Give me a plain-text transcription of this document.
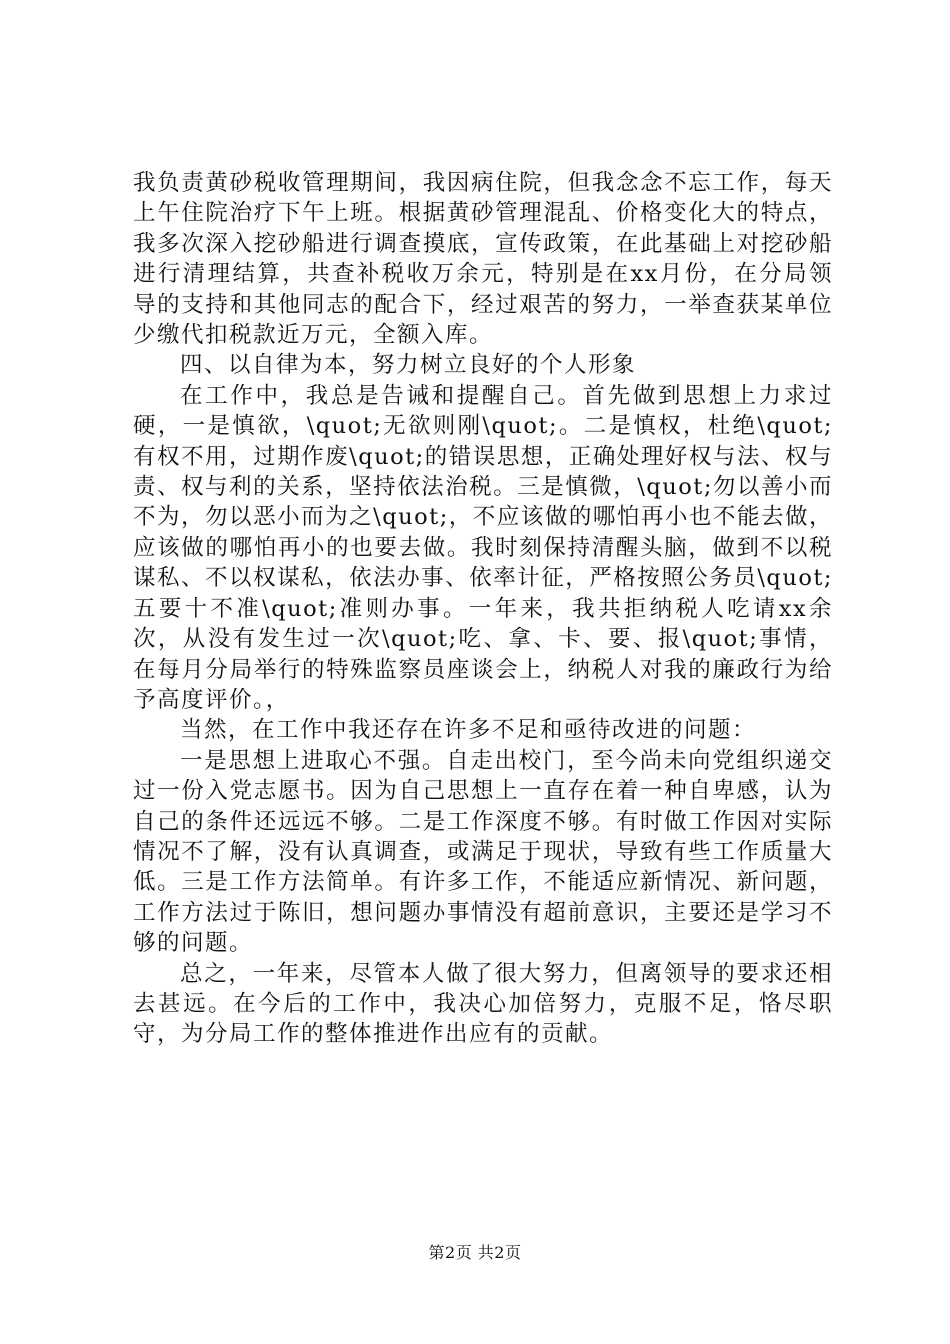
我负责黄砂税收管理期间，我因病住院，但我念念不忘工作，每天上午住院治疗下午上班。根据黄砂管理混乱、价格变化大的特点，我多次深入挖砂船进行调查摸底，宣传政策，在此基础上对挖砂船进行清理结算，共查补税收万余元，特别是在xx月份，在分局领导的支持和其他同志的配合下，经过艰苦的努力，一举查获某单位少缴代扣税款近万元，全额入库。

四、以自律为本，努力树立良好的个人形象

在工作中，我总是告诫和提醒自己。首先做到思想上力求过硬，一是慎欲，\quot;无欲则刚\quot;。二是慎权，杜绝\quot;有权不用，过期作废\quot;的错误思想，正确处理好权与法、权与责、权与利的关系，坚持依法治税。三是慎微，\quot;勿以善小而不为，勿以恶小而为之\quot;，不应该做的哪怕再小也不能去做，应该做的哪怕再小的也要去做。我时刻保持清醒头脑，做到不以税谋私、不以权谋私，依法办事、依率计征，严格按照公务员\quot;五要十不准\quot;准则办事。一年来，我共拒纳税人吃请xx余次，从没有发生过一次\quot;吃、拿、卡、要、报\quot;事情，在每月分局举行的特殊监察员座谈会上，纳税人对我的廉政行为给予高度评价。，

当然，在工作中我还存在许多不足和亟待改进的问题：

一是思想上进取心不强。自走出校门，至今尚未向党组织递交过一份入党志愿书。因为自己思想上一直存在着一种自卑感，认为自己的条件还远远不够。二是工作深度不够。有时做工作因对实际情况不了解，没有认真调查，或满足于现状，导致有些工作质量大低。三是工作方法简单。有许多工作，不能适应新情况、新问题，工作方法过于陈旧，想问题办事情没有超前意识，主要还是学习不够的问题。

总之，一年来，尽管本人做了很大努力，但离领导的要求还相去甚远。在今后的工作中，我决心加倍努力，克服不足，恪尽职守，为分局工作的整体推进作出应有的贡献。

第2页 共2页
